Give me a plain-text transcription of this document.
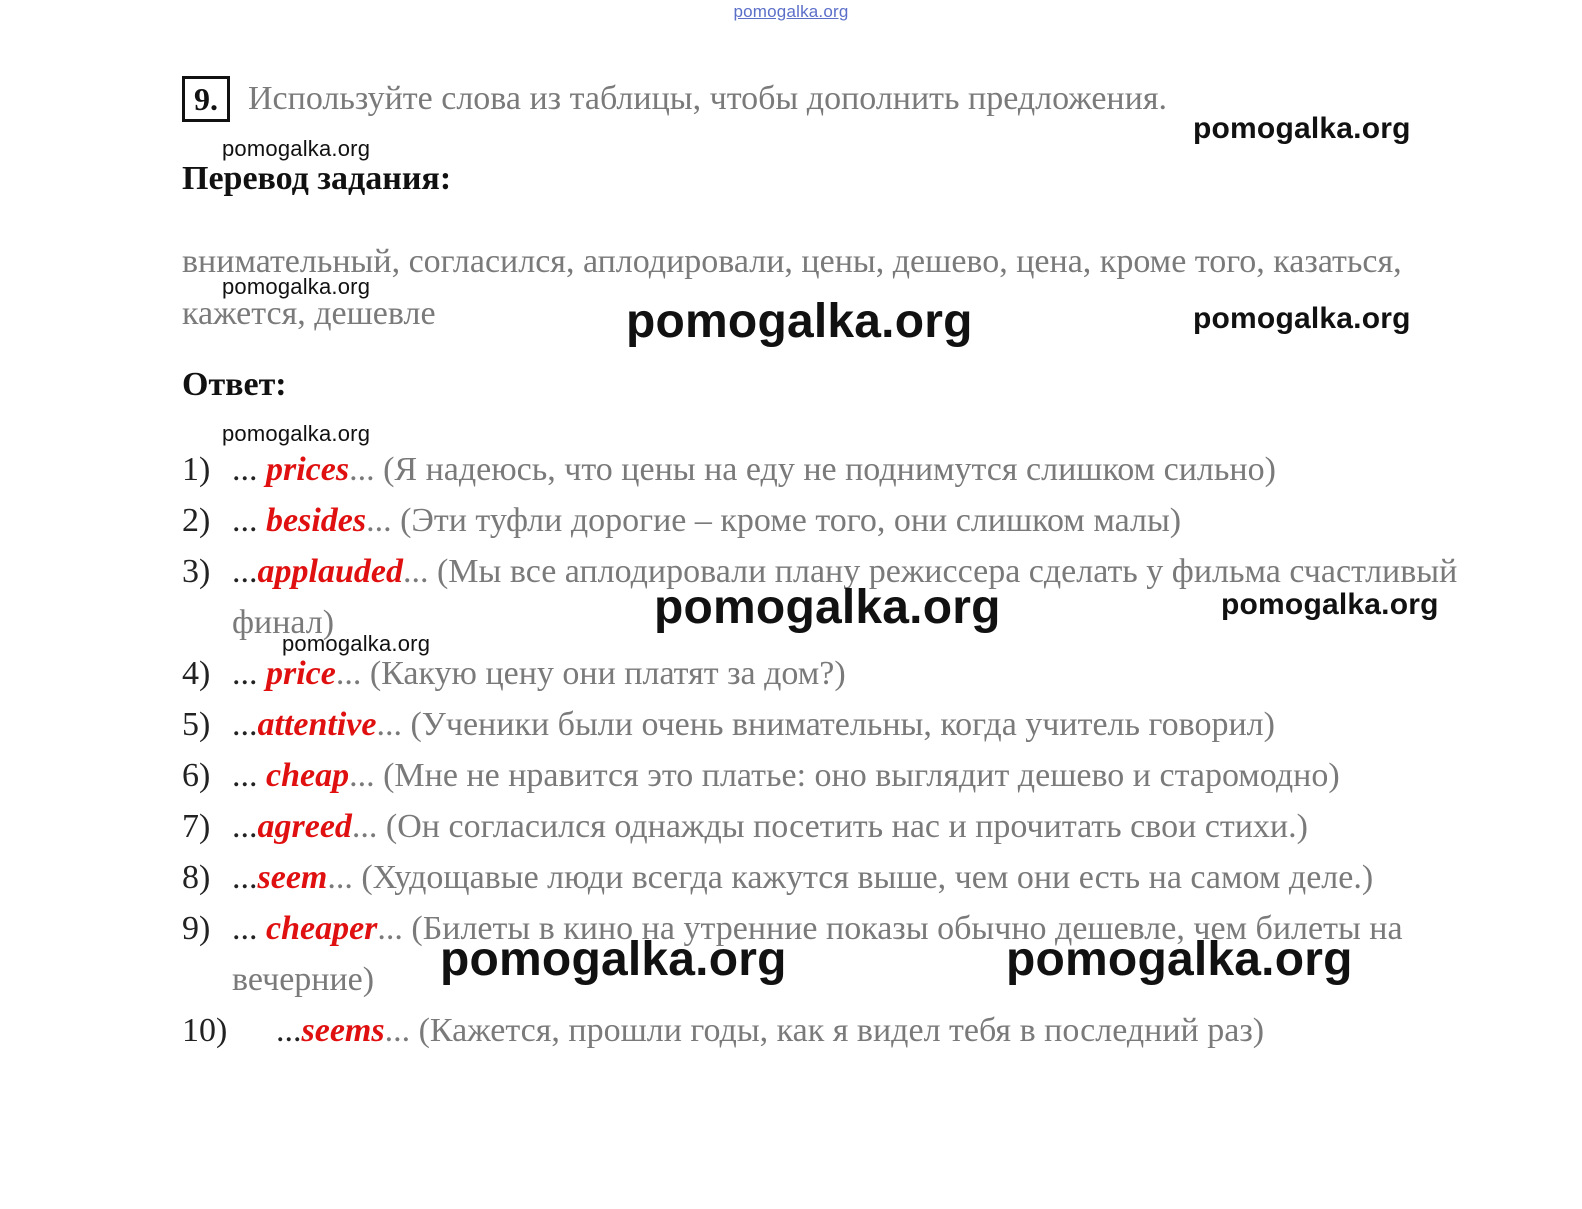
pomogalka.org
9. Используйте слова из таблицы, чтобы дополнить предложения.
Перевод задания:
внимательный, согласился, аплодировали, цены, дешево, цена, кроме того, казаться, кажется, дешевле
Ответ:
1) ... prices... (Я надеюсь, что цены на еду не поднимутся слишком сильно)
2) ... besides... (Эти туфли дорогие – кроме того, они слишком малы)
3) ...applauded... (Мы все аплодировали плану режиссера сделать у фильма счастливый финал)
4) ... price... (Какую цену они платят за дом?)
5) ...attentive... (Ученики были очень внимательны, когда учитель говорил)
6) ... cheap... (Мне не нравится это платье: оно выглядит дешево и старомодно)
7) ...agreed... (Он согласился однажды посетить нас и прочитать свои стихи.)
8) ...seem... (Худощавые люди всегда кажутся выше, чем они есть на самом деле.)
9) ... cheaper... (Билеты в кино на утренние показы обычно дешевле, чем билеты на вечерние)
10) ...seems... (Кажется, прошли годы, как я видел тебя в последний раз)
pomogalka.org
pomogalka.org
pomogalka.org
pomogalka.org	pomogalka.org
pomogalka.org
pomogalka.org	pomogalka.org
pomogalka.org
pomogalka.org	pomogalka.org
